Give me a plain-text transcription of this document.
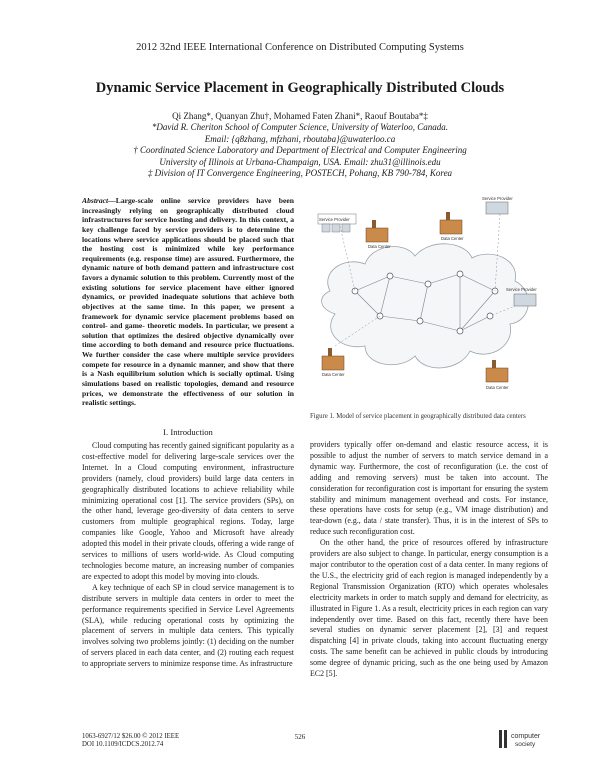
2012 32nd IEEE International Conference on Distributed Computing Systems
Dynamic Service Placement in Geographically Distributed Clouds
Qi Zhang*, Quanyan Zhu†, Mohamed Faten Zhani*, Raouf Boutaba*‡
*David R. Cheriton School of Computer Science, University of Waterloo, Canada.
Email: {q8zhang, mfzhani, rboutaba}@uwaterloo.ca
† Coordinated Science Laboratory and Department of Electrical and Computer Engineering
University of Illinois at Urbana-Champaign, USA. Email: zhu31@illinois.edu
‡ Division of IT Convergence Engineering, POSTECH, Pohang, KB 790-784, Korea
Abstract—Large-scale online service providers have been increasingly relying on geographically distributed cloud infrastructures for service hosting and delivery. In this context, a key challenge faced by service providers is to determine the locations where service applications should be placed such that the hosting cost is minimized while key performance requirements (e.g. response time) are assured. Furthermore, the dynamic nature of both demand pattern and infrastructure cost favors a dynamic solution to this problem. Currently most of the existing solutions for service placement have either ignored dynamics, or provided inadequate solutions that achieve both objectives at the same time. In this paper, we present a framework for dynamic service placement problems based on control- and game- theoretic models. In particular, we present a solution that optimizes the desired objective dynamically over time according to both demand and resource price fluctuations. We further consider the case where multiple service providers compete for resource in a dynamic manner, and show that there is a Nash equilibrium solution which is socially optimal. Using simulations based on realistic topologies, demand and resource prices, we demonstrate the effectiveness of our solution in realistic settings.
Service Provider
Data Center
Data Center
Data Center
Service Provider
Service Provider
Data Center
Figure 1. Model of service placement in geographically distributed data centers
I. Introduction

Cloud computing has recently gained significant popularity as a cost-effective model for delivering large-scale services over the Internet. In a Cloud computing environment, infrastructure providers (namely, cloud providers) build large data centers in geographically distributed locations to achieve reliability while minimizing operational cost [1]. The service providers (SPs), on the other hand, leverage geo-diversity of data centers to serve customers from multiple geographical regions. Today, large companies like Google, Yahoo and Microsoft have already adopted this model in their private clouds, offering a wide range of services to millions of users world-wide. As Cloud computing technologies become mature, an increasing number of companies are expected to adopt this model by moving into clouds.

A key technique of each SP in cloud service management is to distribute servers in multiple data centers in order to meet the performance requirements specified in Service Level Agreements (SLA), while reducing operational costs by optimizing the placement of servers in multiple data centers. This typically involves solving two problems jointly: (1) deciding on the number of servers placed in each data center, and (2) routing each request to appropriate servers to minimize response time. As infrastructure

providers typically offer on-demand and elastic resource access, it is possible to adjust the number of servers to match service demand in a dynamic way. Furthermore, the cost of reconfiguration (i.e. the cost of adding and removing servers) must be taken into account. The consideration for reconfiguration cost is important for ensuring the system stability and minimum management overhead and costs. For instance, these operations have costs for setup (e.g., VM image distribution) and tear-down (e.g., data / state transfer). Thus, it is in the interest of SPs to reduce such reconfiguration cost.

On the other hand, the price of resources offered by infrastructure providers are also subject to change. In particular, energy consumption is a major contributor to the operation cost of a data center. In many regions of the U.S., the electricity grid of each region is managed independently by a Regional Transmission Organization (RTO) which operates wholesales electricity markets in order to match supply and demand for electricity, as illustrated in Figure 1. As a result, electricity prices in each region can vary independently over time. Based on this fact, recently there have been several studies on dynamic server placement [2], [3] and request dispatching [4] in private clouds, taking into account fluctuating energy costs. The same benefit can be achieved in public clouds by introducing some degree of dynamic pricing, such as the one being used by Amazon EC2 [5].

1063-6927/12 $26.00 © 2012 IEEE
DOI 10.1109/ICDCS.2012.74
526	computer
society
